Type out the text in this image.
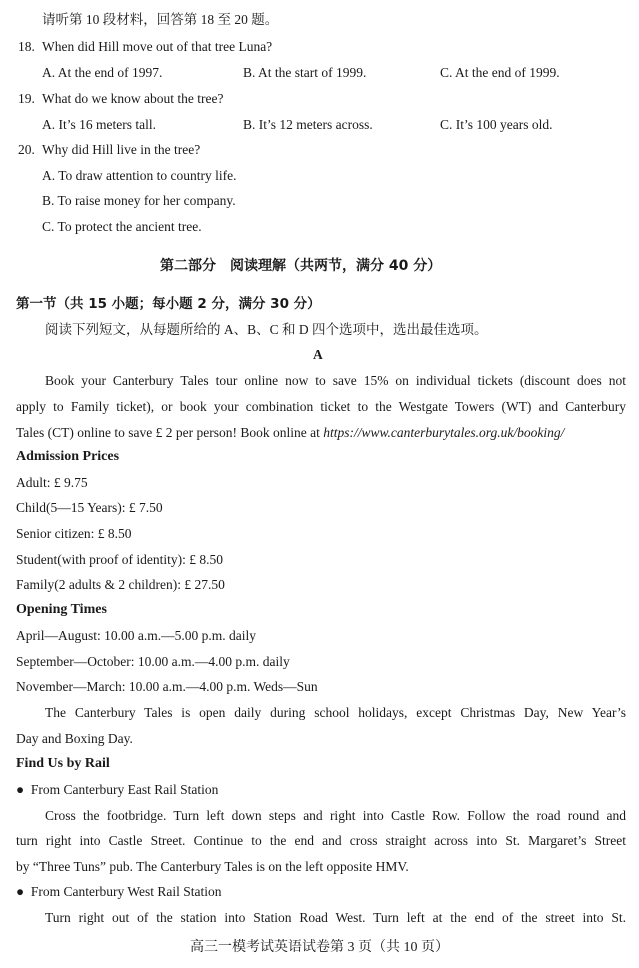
请听第 10 段材料，回答第 18 至 20 题。
18. When did Hill move out of that tree Luna?
A. At the end of 1997.	B. At the start of 1999.	C. At the end of 1999.
19. What do we know about the tree?
A. It’s 16 meters tall.	B. It’s 12 meters across.	C. It’s 100 years old.
20. Why did Hill live in the tree?
A. To draw attention to country life.
B. To raise money for her company.
C. To protect the ancient tree.
第二部分　阅读理解（共两节，满分 40 分）
第一节（共 15 小题；每小题 2 分，满分 30 分）
阅读下列短文，从每题所给的 A、B、C 和 D 四个选项中，选出最佳选项。
A
Book your Canterbury Tales tour online now to save 15% on individual tickets (discount does not
apply to Family ticket), or book your combination ticket to the Westgate Towers (WT) and Canterbury
Tales (CT) online to save £ 2 per person! Book online at https://www.canterburytales.org.uk/booking/
Admission Prices
Adult: £ 9.75
Child(5—15 Years): £ 7.50
Senior citizen: £ 8.50
Student(with proof of identity): £ 8.50
Family(2 adults & 2 children): £ 27.50
Opening Times
April—August: 10.00 a.m.—5.00 p.m. daily
September—October: 10.00 a.m.—4.00 p.m. daily
November—March: 10.00 a.m.—4.00 p.m. Weds—Sun
The Canterbury Tales is open daily during school holidays, except Christmas Day, New Year’s
Day and Boxing Day.
Find Us by Rail
● From Canterbury East Rail Station
Cross the footbridge. Turn left down steps and right into Castle Row. Follow the road round and
turn right into Castle Street. Continue to the end and cross straight across into St. Margaret’s Street
by “Three Tuns” pub. The Canterbury Tales is on the left opposite HMV.
● From Canterbury West Rail Station
Turn right out of the station into Station Road West. Turn left at the end of the street into St.
高三一模考试英语试卷第 3 页（共 10 页）
